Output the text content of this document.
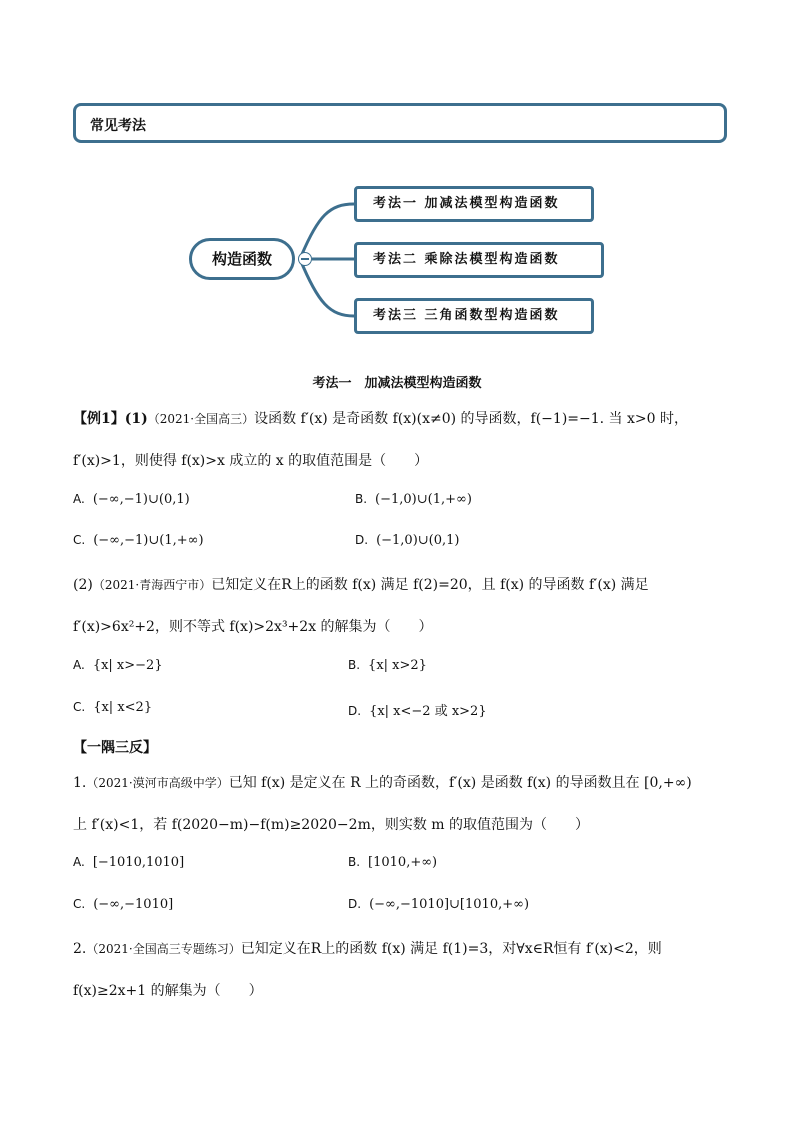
常见考法
构造函数
考法一 加减法模型构造函数
考法二 乘除法模型构造函数
考法三 三角函数型构造函数
考法一　加减法模型构造函数
【例1】(1)（2021·全国高三）设函数 f′(x) 是奇函数 f(x)(x≠0) 的导函数，f(−1)=−1. 当 x>0 时，
f′(x)>1，则使得 f(x)>x 成立的 x 的取值范围是（　　）
A. (−∞,−1)∪(0,1)	B. (−1,0)∪(1,+∞)
C. (−∞,−1)∪(1,+∞)	D. (−1,0)∪(0,1)
(2)（2021·青海西宁市）已知定义在R上的函数 f(x) 满足 f(2)=20，且 f(x) 的导函数 f′(x) 满足
f′(x)>6x²+2，则不等式 f(x)>2x³+2x 的解集为（　　）
A. {x| x>−2}	B. {x| x>2}
C. {x| x<2}	D. {x| x<−2 或 x>2}
【一隅三反】
1.（2021·漠河市高级中学）已知 f(x) 是定义在 R 上的奇函数，f′(x) 是函数 f(x) 的导函数且在 [0,+∞)
上 f′(x)<1，若 f(2020−m)−f(m)≥2020−2m，则实数 m 的取值范围为（　　）
A. [−1010,1010]	B. [1010,+∞)
C. (−∞,−1010]	D. (−∞,−1010]∪[1010,+∞)
2.（2021·全国高三专题练习）已知定义在R上的函数 f(x) 满足 f(1)=3，对∀x∈R恒有 f′(x)<2，则
f(x)≥2x+1 的解集为（　　）
